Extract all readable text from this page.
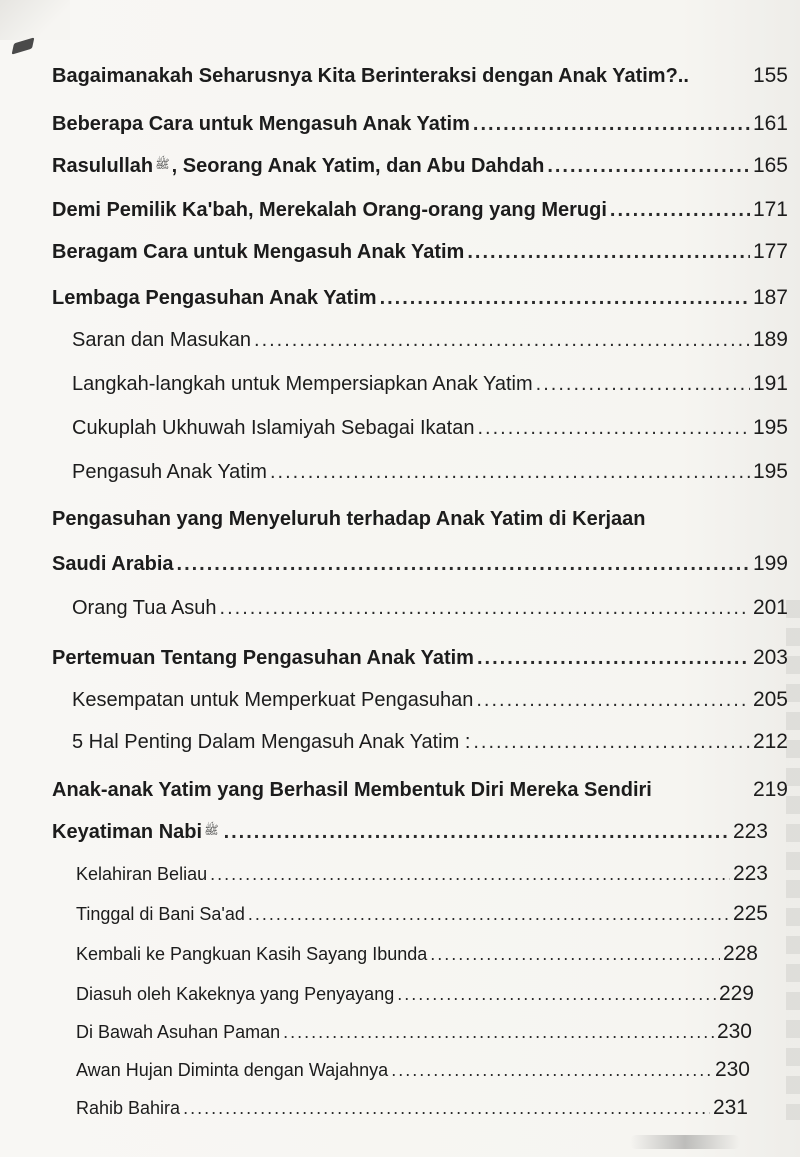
Bagaimanakah Seharusnya Kita Berinteraksi dengan Anak Yatim?..	155
Beberapa Cara untuk Mengasuh Anak Yatim .....	161
Rasulullah ﷺ , Seorang Anak Yatim, dan Abu Dahdah .....	165
Demi Pemilik Ka'bah, Merekalah Orang-orang yang Merugi .....	171
Beragam Cara untuk Mengasuh Anak Yatim .....	177
Lembaga Pengasuhan Anak Yatim .....	187
Saran dan Masukan .....	189
Langkah-langkah untuk Mempersiapkan Anak Yatim .....	191
Cukuplah Ukhuwah Islamiyah Sebagai Ikatan .....	195
Pengasuh Anak Yatim .....	195
Pengasuhan yang Menyeluruh terhadap Anak Yatim di Kerjaan
Saudi Arabia .....	199
Orang Tua Asuh .....	201
Pertemuan Tentang Pengasuhan Anak Yatim .....	203
Kesempatan untuk Memperkuat Pengasuhan .....	205
5 Hal Penting Dalam Mengasuh Anak Yatim : .....	212
Anak-anak Yatim yang Berhasil Membentuk Diri Mereka Sendiri	219
Keyatiman Nabi ﷺ .....	223
Kelahiran Beliau .....	223
Tinggal di Bani Sa'ad .....	225
Kembali ke Pangkuan Kasih Sayang Ibunda .....	228
Diasuh oleh Kakeknya yang Penyayang .....	229
Di Bawah Asuhan Paman .....	230
Awan Hujan Diminta dengan Wajahnya .....	230
Rahib Bahira .....	231
